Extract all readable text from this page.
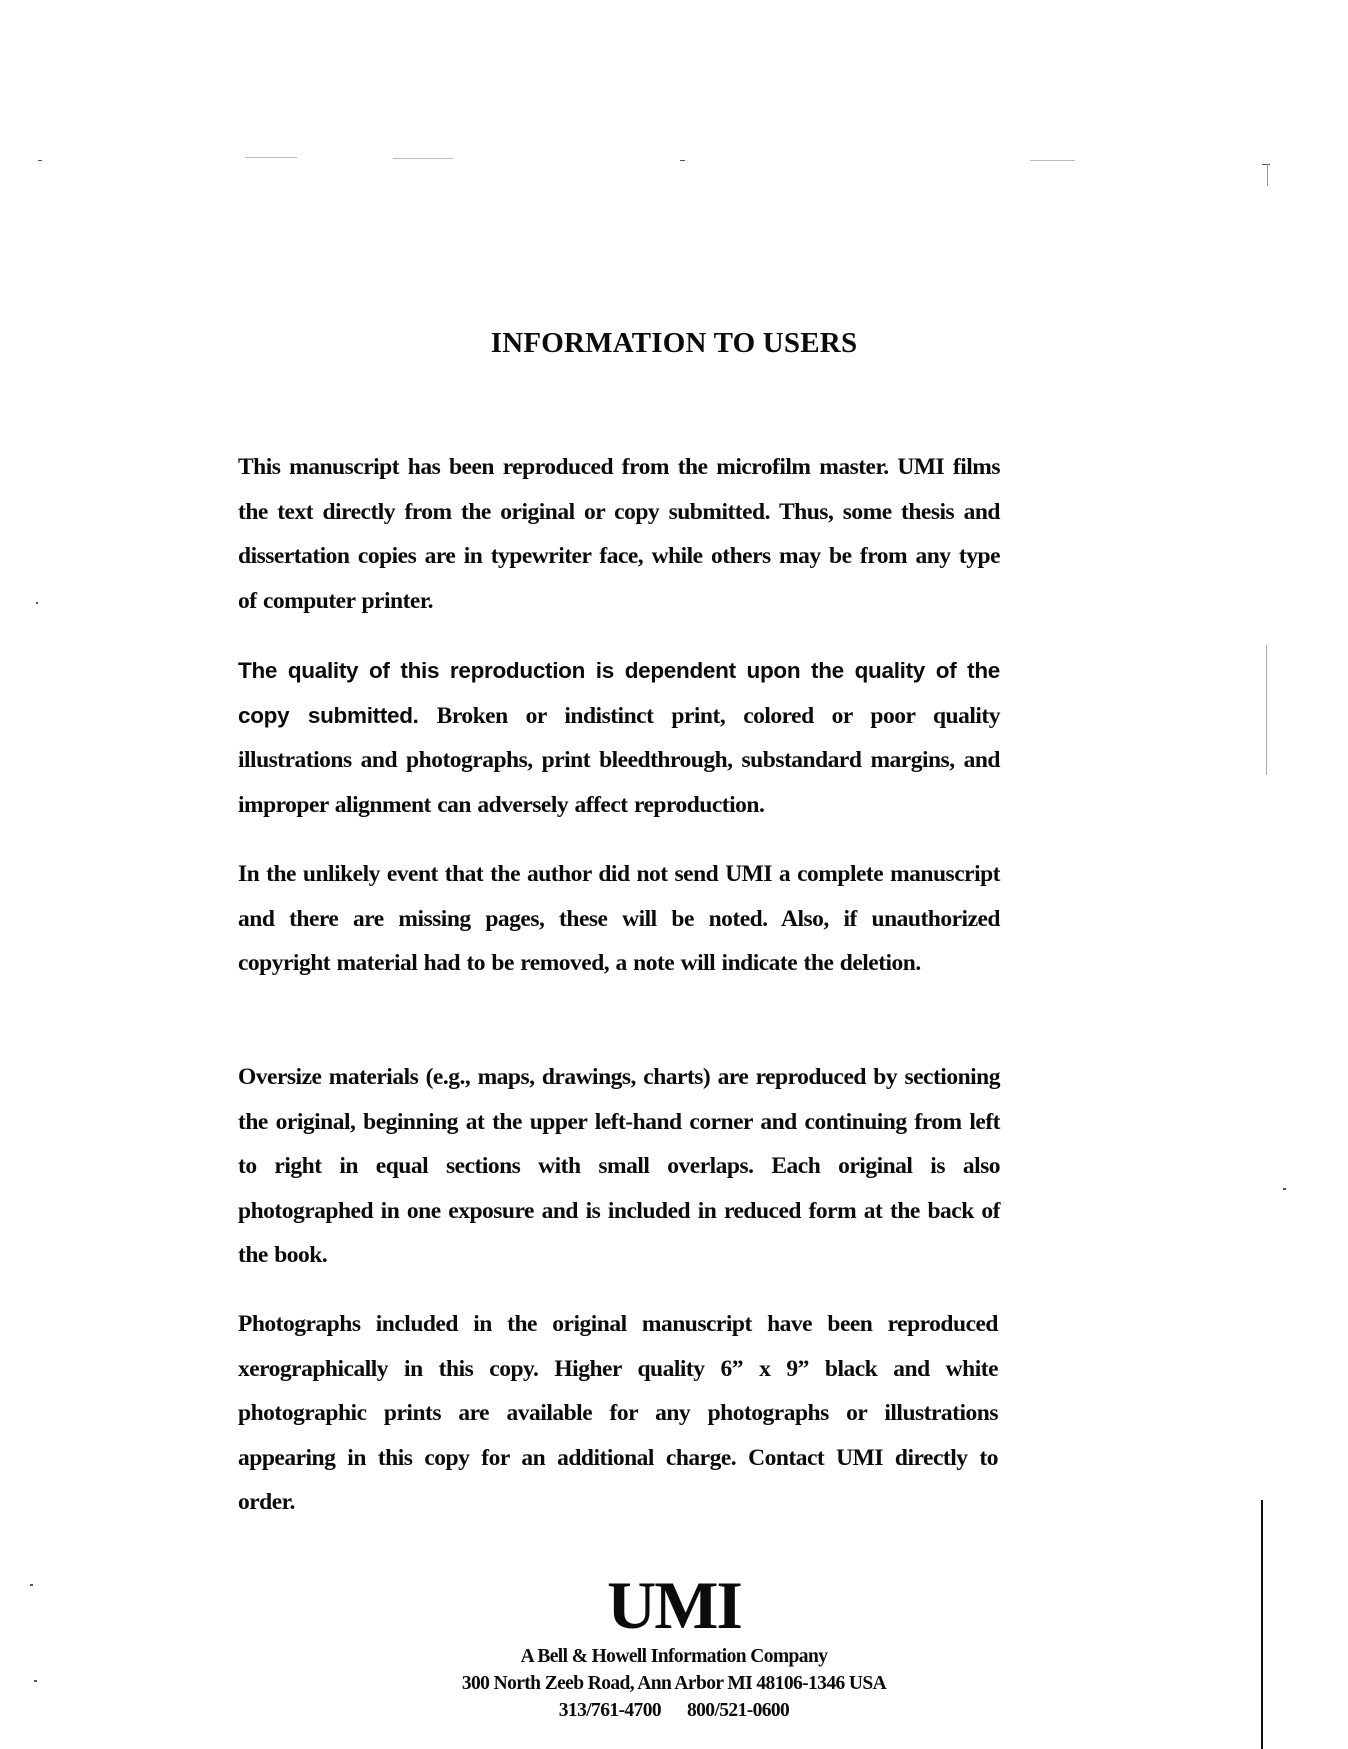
INFORMATION TO USERS
This manuscript has been reproduced from the microfilm master. UMI films the text directly from the original or copy submitted. Thus, some thesis and dissertation copies are in typewriter face, while others may be from any type of computer printer.
The quality of this reproduction is dependent upon the quality of the copy submitted. Broken or indistinct print, colored or poor quality illustrations and photographs, print bleedthrough, substandard margins, and improper alignment can adversely affect reproduction.
In the unlikely event that the author did not send UMI a complete manuscript and there are missing pages, these will be noted. Also, if unauthorized copyright material had to be removed, a note will indicate the deletion.
Oversize materials (e.g., maps, drawings, charts) are reproduced by sectioning the original, beginning at the upper left-hand corner and continuing from left to right in equal sections with small overlaps. Each original is also photographed in one exposure and is included in reduced form at the back of the book.
Photographs included in the original manuscript have been reproduced xerographically in this copy. Higher quality 6” x 9” black and white photographic prints are available for any photographs or illustrations appearing in this copy for an additional charge. Contact UMI directly to order.
UMI
A Bell & Howell Information Company
300 North Zeeb Road, Ann Arbor MI 48106-1346 USA
313/761-4700 800/521-0600
